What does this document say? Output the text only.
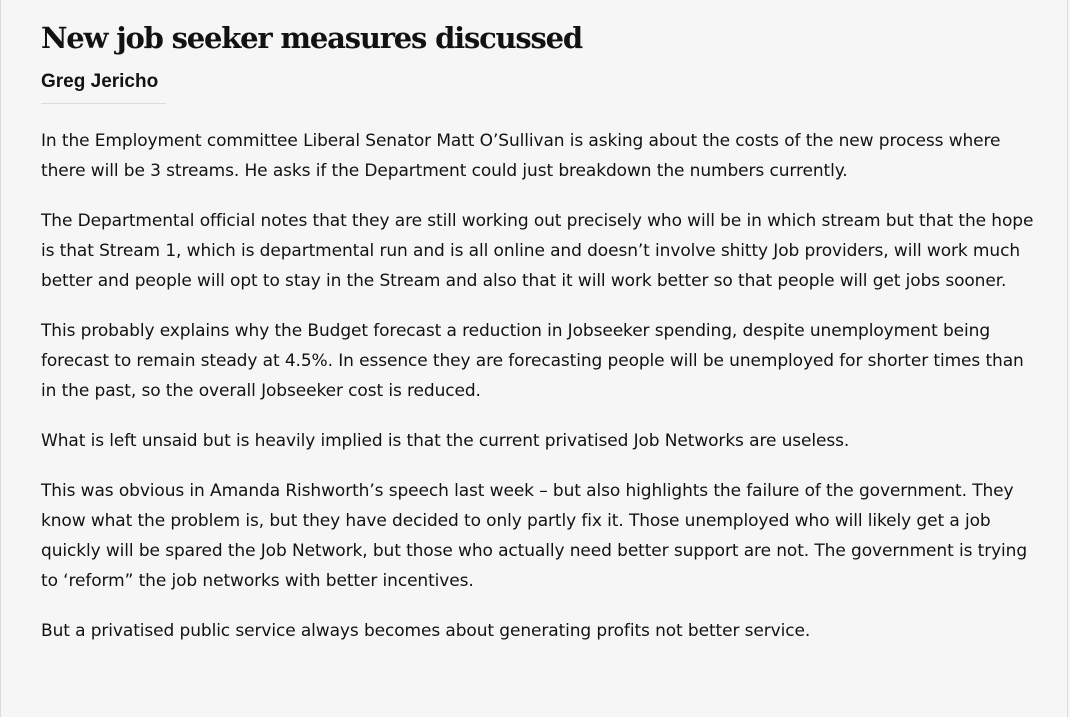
New job seeker measures discussed
Greg Jericho

In the Employment committee Liberal Senator Matt O’Sullivan is asking about the costs of the new process where there will be 3 streams. He asks if the Department could just breakdown the numbers currently.

The Departmental official notes that they are still working out precisely who will be in which stream but that the hope is that Stream 1, which is departmental run and is all online and doesn’t involve shitty Job providers, will work much better and people will opt to stay in the Stream and also that it will work better so that people will get jobs sooner.

This probably explains why the Budget forecast a reduction in Jobseeker spending, despite unemployment being forecast to remain steady at 4.5%. In essence they are forecasting people will be unemployed for shorter times than in the past, so the overall Jobseeker cost is reduced.

What is left unsaid but is heavily implied is that the current privatised Job Networks are useless.

This was obvious in Amanda Rishworth’s speech last week – but also highlights the failure of the government. They know what the problem is, but they have decided to only partly fix it. Those unemployed who will likely get a job quickly will be spared the Job Network, but those who actually need better support are not. The government is trying to ‘reform” the job networks with better incentives.

But a privatised public service always becomes about generating profits not better service.
